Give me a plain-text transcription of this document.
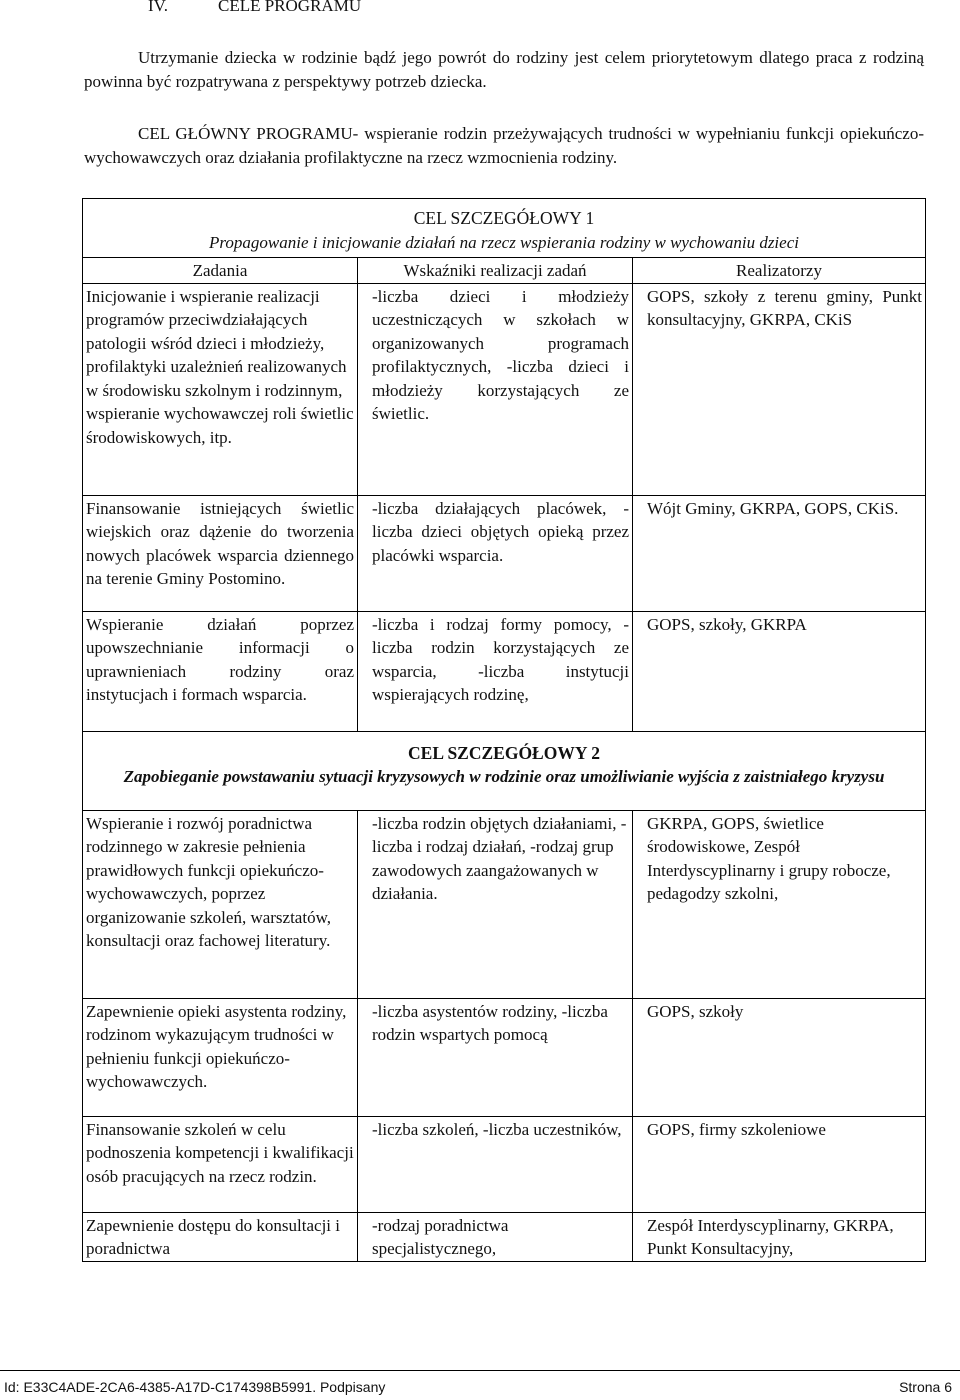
IV.	CELE PROGRAMU
Utrzymanie dziecka w rodzinie bądź jego powrót do rodziny jest celem priorytetowym dlatego praca z rodziną powinna być rozpatrywana z perspektywy potrzeb dziecka.
CEL GŁÓWNY PROGRAMU- wspieranie rodzin przeżywających trudności w wypełnianiu funkcji opiekuńczo-wychowawczych oraz działania profilaktyczne na rzecz wzmocnienia rodziny.
CEL SZCZEGÓŁOWY 1
Propagowanie i inicjowanie działań na rzecz wspierania rodziny w wychowaniu dzieci
Zadania	Wskaźniki realizacji zadań	Realizatorzy
Inicjowanie i wspieranie realizacji programów przeciwdziałających patologii wśród dzieci i młodzieży, profilaktyki uzależnień realizowanych w środowisku szkolnym i rodzinnym, wspieranie wychowawczej roli świetlic środowiskowych, itp.	-liczba dzieci i młodzieży uczestniczących w szkołach w organizowanych programach profilaktycznych, -liczba dzieci i młodzieży korzystających ze świetlic.	GOPS, szkoły z terenu gminy, Punkt konsultacyjny, GKRPA, CKiS
Finansowanie istniejących świetlic wiejskich oraz dążenie do tworzenia nowych placówek wsparcia dziennego na terenie Gminy Postomino.	-liczba działających placówek, -liczba dzieci objętych opieką przez placówki wsparcia.	Wójt Gminy, GKRPA, GOPS, CKiS.
Wspieranie działań poprzez upowszechnianie informacji o uprawnieniach rodziny oraz instytucjach i formach wsparcia.	-liczba i rodzaj formy pomocy, -liczba rodzin korzystających ze wsparcia, -liczba instytucji wspierających rodzinę,	GOPS, szkoły, GKRPA

CEL SZCZEGÓŁOWY 2
Zapobieganie powstawaniu sytuacji kryzysowych w rodzinie oraz umożliwianie wyjścia z zaistniałego kryzysu		

Wspieranie i rozwój poradnictwa rodzinnego w zakresie pełnienia prawidłowych funkcji opiekuńczo-wychowawczych, poprzez organizowanie szkoleń, warsztatów, konsultacji oraz fachowej literatury.	-liczba rodzin objętych działaniami, -liczba i rodzaj działań, -rodzaj grup zawodowych zaangażowanych w działania.	GKRPA, GOPS, świetlice środowiskowe, Zespół Interdyscyplinarny i grupy robocze, pedagodzy szkolni,
Zapewnienie opieki asystenta rodziny, rodzinom wykazującym trudności w pełnieniu funkcji opiekuńczo-wychowawczych.	-liczba asystentów rodziny, -liczba rodzin wspartych pomocą	GOPS, szkoły
Finansowanie szkoleń w celu podnoszenia kompetencji i kwalifikacji osób pracujących na rzecz rodzin.	-liczba szkoleń, -liczba uczestników,	GOPS, firmy szkoleniowe
Zapewnienie dostępu do konsultacji i poradnictwa	-rodzaj poradnictwa specjalistycznego,	Zespół Interdyscyplinarny, GKRPA, Punkt Konsultacyjny,
Id: E33C4ADE-2CA6-4385-A17D-C174398B5991. Podpisany	Strona 6
